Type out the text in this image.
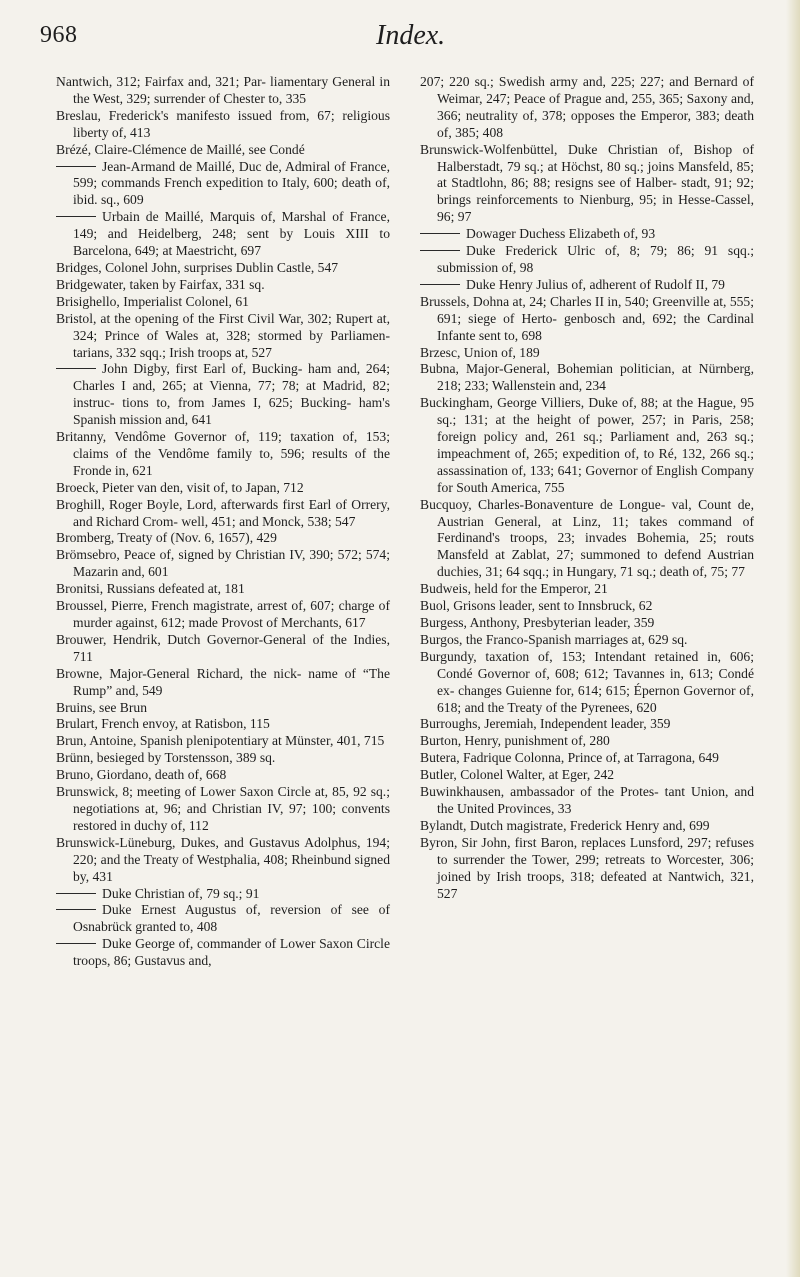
968	Index.

Nantwich, 312; Fairfax and, 321; Par- liamentary General in the West, 329; surrender of Chester to, 335

Breslau, Frederick's manifesto issued from, 67; religious liberty of, 413

Brézé, Claire-Clémence de Maillé, see Condé

Jean-Armand de Maillé, Duc de, Admiral of France, 599; commands French expedition to Italy, 600; death of, ibid. sq., 609

Urbain de Maillé, Marquis of, Marshal of France, 149; and Heidelberg, 248; sent by Louis XIII to Barcelona, 649; at Maestricht, 697

Bridges, Colonel John, surprises Dublin Castle, 547

Bridgewater, taken by Fairfax, 331 sq.

Brisighello, Imperialist Colonel, 61

Bristol, at the opening of the First Civil War, 302; Rupert at, 324; Prince of Wales at, 328; stormed by Parliamen- tarians, 332 sqq.; Irish troops at, 527

John Digby, first Earl of, Bucking- ham and, 264; Charles I and, 265; at Vienna, 77; 78; at Madrid, 82; instruc- tions to, from James I, 625; Bucking- ham's Spanish mission and, 641

Britanny, Vendôme Governor of, 119; taxation of, 153; claims of the Vendôme family to, 596; results of the Fronde in, 621

Broeck, Pieter van den, visit of, to Japan, 712

Broghill, Roger Boyle, Lord, afterwards first Earl of Orrery, and Richard Crom- well, 451; and Monck, 538; 547

Bromberg, Treaty of (Nov. 6, 1657), 429

Brömsebro, Peace of, signed by Christian IV, 390; 572; 574; Mazarin and, 601

Bronitsi, Russians defeated at, 181

Broussel, Pierre, French magistrate, arrest of, 607; charge of murder against, 612; made Provost of Merchants, 617

Brouwer, Hendrik, Dutch Governor-General of the Indies, 711

Browne, Major-General Richard, the nick- name of “The Rump” and, 549

Bruins, see Brun

Brulart, French envoy, at Ratisbon, 115

Brun, Antoine, Spanish plenipotentiary at Münster, 401, 715

Brünn, besieged by Torstensson, 389 sq.

Bruno, Giordano, death of, 668

Brunswick, 8; meeting of Lower Saxon Circle at, 85, 92 sq.; negotiations at, 96; and Christian IV, 97; 100; convents restored in duchy of, 112

Brunswick-Lüneburg, Dukes, and Gustavus Adolphus, 194; 220; and the Treaty of Westphalia, 408; Rheinbund signed by, 431

Duke Christian of, 79 sq.; 91

Duke Ernest Augustus of, reversion of see of Osnabrück granted to, 408

Duke George of, commander of Lower Saxon Circle troops, 86; Gustavus and,

207; 220 sq.; Swedish army and, 225; 227; and Bernard of Weimar, 247; Peace of Prague and, 255, 365; Saxony and, 366; neutrality of, 378; opposes the Emperor, 383; death of, 385; 408

Brunswick-Wolfenbüttel, Duke Christian of, Bishop of Halberstadt, 79 sq.; at Höchst, 80 sq.; joins Mansfeld, 85; at Stadtlohn, 86; 88; resigns see of Halber- stadt, 91; 92; brings reinforcements to Nienburg, 95; in Hesse-Cassel, 96; 97

Dowager Duchess Elizabeth of, 93

Duke Frederick Ulric of, 8; 79; 86; 91 sqq.; submission of, 98

Duke Henry Julius of, adherent of Rudolf II, 79

Brussels, Dohna at, 24; Charles II in, 540; Greenville at, 555; 691; siege of Herto- genbosch and, 692; the Cardinal Infante sent to, 698

Brzesc, Union of, 189

Bubna, Major-General, Bohemian politician, at Nürnberg, 218; 233; Wallenstein and, 234

Buckingham, George Villiers, Duke of, 88; at the Hague, 95 sq.; 131; at the height of power, 257; in Paris, 258; foreign policy and, 261 sq.; Parliament and, 263 sq.; impeachment of, 265; expedition of, to Ré, 132, 266 sq.; assassination of, 133; 641; Governor of English Company for South America, 755

Bucquoy, Charles-Bonaventure de Longue- val, Count de, Austrian General, at Linz, 11; takes command of Ferdinand's troops, 23; invades Bohemia, 25; routs Mansfeld at Zablat, 27; summoned to defend Austrian duchies, 31; 64 sqq.; in Hungary, 71 sq.; death of, 75; 77

Budweis, held for the Emperor, 21

Buol, Grisons leader, sent to Innsbruck, 62

Burgess, Anthony, Presbyterian leader, 359

Burgos, the Franco-Spanish marriages at, 629 sq.

Burgundy, taxation of, 153; Intendant retained in, 606; Condé Governor of, 608; 612; Tavannes in, 613; Condé ex- changes Guienne for, 614; 615; Épernon Governor of, 618; and the Treaty of the Pyrenees, 620

Burroughs, Jeremiah, Independent leader, 359

Burton, Henry, punishment of, 280

Butera, Fadrique Colonna, Prince of, at Tarragona, 649

Butler, Colonel Walter, at Eger, 242

Buwinkhausen, ambassador of the Protes- tant Union, and the United Provinces, 33

Bylandt, Dutch magistrate, Frederick Henry and, 699

Byron, Sir John, first Baron, replaces Lunsford, 297; refuses to surrender the Tower, 299; retreats to Worcester, 306; joined by Irish troops, 318; defeated at Nantwich, 321, 527
